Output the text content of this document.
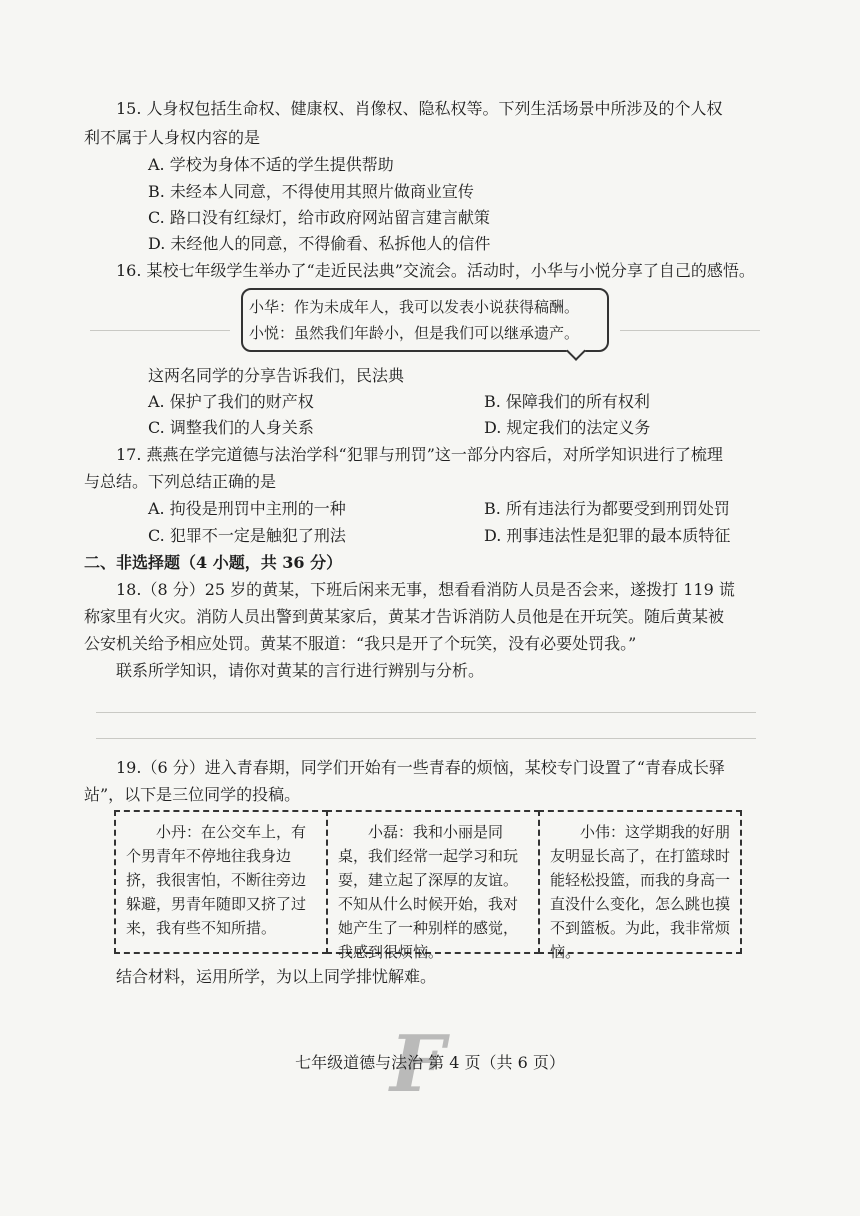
15. 人身权包括生命权、健康权、肖像权、隐私权等。下列生活场景中所涉及的个人权
利不属于人身权内容的是
A. 学校为身体不适的学生提供帮助
B. 未经本人同意，不得使用其照片做商业宣传
C. 路口没有红绿灯，给市政府网站留言建言献策
D. 未经他人的同意，不得偷看、私拆他人的信件
16. 某校七年级学生举办了“走近民法典”交流会。活动时，小华与小悦分享了自己的感悟。
小华：作为未成年人，我可以发表小说获得稿酬。
小悦：虽然我们年龄小，但是我们可以继承遗产。
这两名同学的分享告诉我们，民法典
A. 保护了我们的财产权	B. 保障我们的所有权利
C. 调整我们的人身关系	D. 规定我们的法定义务
17. 燕燕在学完道德与法治学科“犯罪与刑罚”这一部分内容后，对所学知识进行了梳理
与总结。下列总结正确的是
A. 拘役是刑罚中主刑的一种	B. 所有违法行为都要受到刑罚处罚
C. 犯罪不一定是触犯了刑法	D. 刑事违法性是犯罪的最本质特征
二、非选择题（4 小题，共 36 分）
18.（8 分）25 岁的黄某，下班后闲来无事，想看看消防人员是否会来，遂拨打 119 谎
称家里有火灾。消防人员出警到黄某家后，黄某才告诉消防人员他是在开玩笑。随后黄某被
公安机关给予相应处罚。黄某不服道：“我只是开了个玩笑，没有必要处罚我。”
联系所学知识，请你对黄某的言行进行辨别与分析。
19.（6 分）进入青春期，同学们开始有一些青春的烦恼，某校专门设置了“青春成长驿
站”，以下是三位同学的投稿。
小丹：在公交车上，有个男青年不停地往我身边挤，我很害怕，不断往旁边躲避，男青年随即又挤了过来，我有些不知所措。
小磊：我和小丽是同桌，我们经常一起学习和玩耍，建立起了深厚的友谊。不知从什么时候开始，我对她产生了一种别样的感觉，我感到很烦恼。
小伟：这学期我的好朋友明显长高了，在打篮球时能轻松投篮，而我的身高一直没什么变化，怎么跳也摸不到篮板。为此，我非常烦恼。
结合材料，运用所学，为以上同学排忧解难。
F
七年级道德与法治 第 4 页（共 6 页）
